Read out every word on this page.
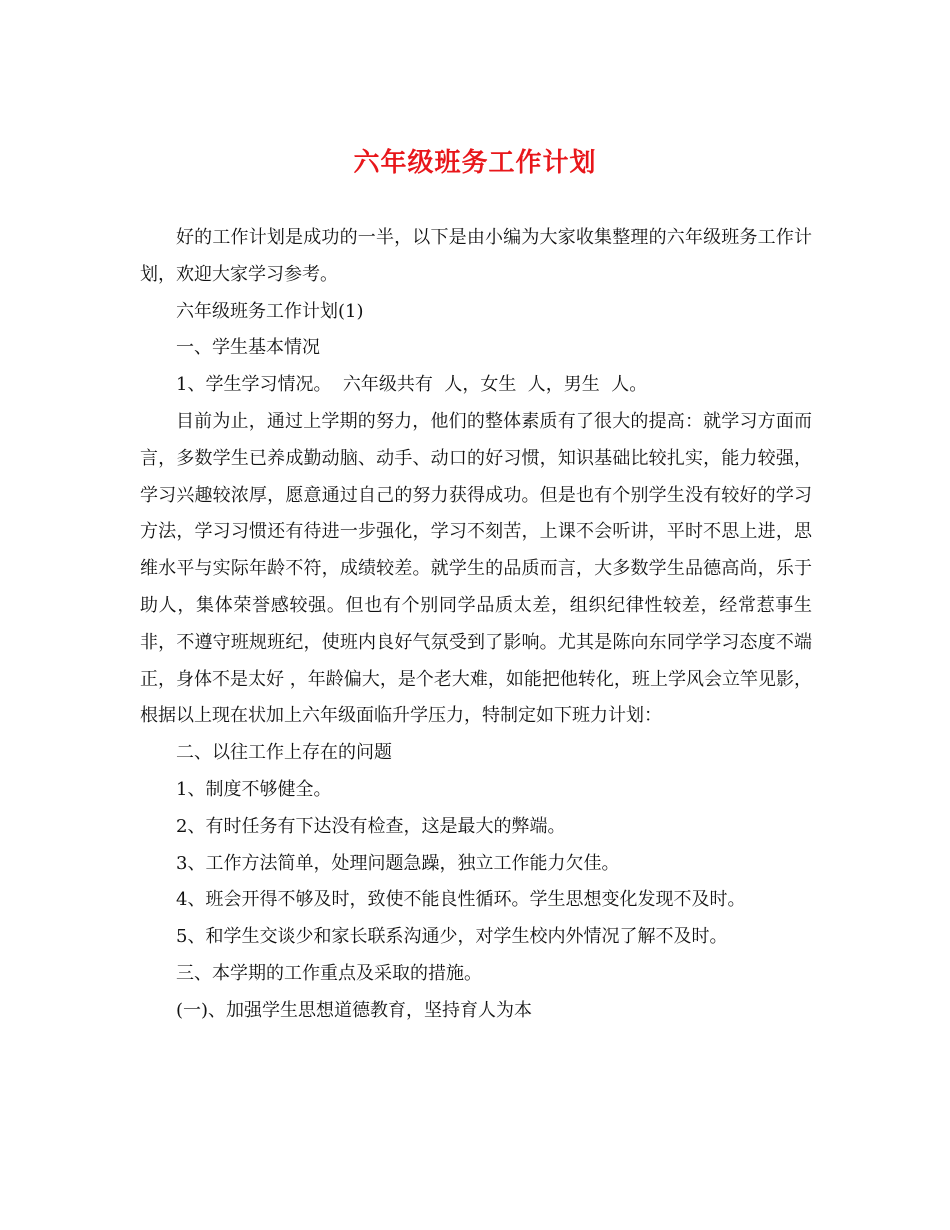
六年级班务工作计划

好的工作计划是成功的一半，以下是由小编为大家收集整理的六年级班务工作计划，欢迎大家学习参考。

六年级班务工作计划(1)

一、学生基本情况

1、学生学习情况。  六年级共有  人，女生  人，男生  人。

目前为止，通过上学期的努力，他们的整体素质有了很大的提高：就学习方面而言，多数学生已养成勤动脑、动手、动口的好习惯，知识基础比较扎实，能力较强，学习兴趣较浓厚，愿意通过自己的努力获得成功。但是也有个别学生没有较好的学习方法，学习习惯还有待进一步强化，学习不刻苦，上课不会听讲，平时不思上进，思维水平与实际年龄不符，成绩较差。就学生的品质而言，大多数学生品德高尚，乐于助人，集体荣誉感较强。但也有个别同学品质太差，组织纪律性较差，经常惹事生非，不遵守班规班纪，使班内良好气氛受到了影响。尤其是陈向东同学学习态度不端正，身体不是太好 ，年龄偏大，是个老大难，如能把他转化，班上学风会立竿见影，根据以上现在状加上六年级面临升学压力，特制定如下班力计划：

二、以往工作上存在的问题

1、制度不够健全。

2、有时任务有下达没有检查，这是最大的弊端。

3、工作方法简单，处理问题急躁，独立工作能力欠佳。

4、班会开得不够及时，致使不能良性循环。学生思想变化发现不及时。

5、和学生交谈少和家长联系沟通少，对学生校内外情况了解不及时。

三、本学期的工作重点及采取的措施。

(一)、加强学生思想道德教育，坚持育人为本
